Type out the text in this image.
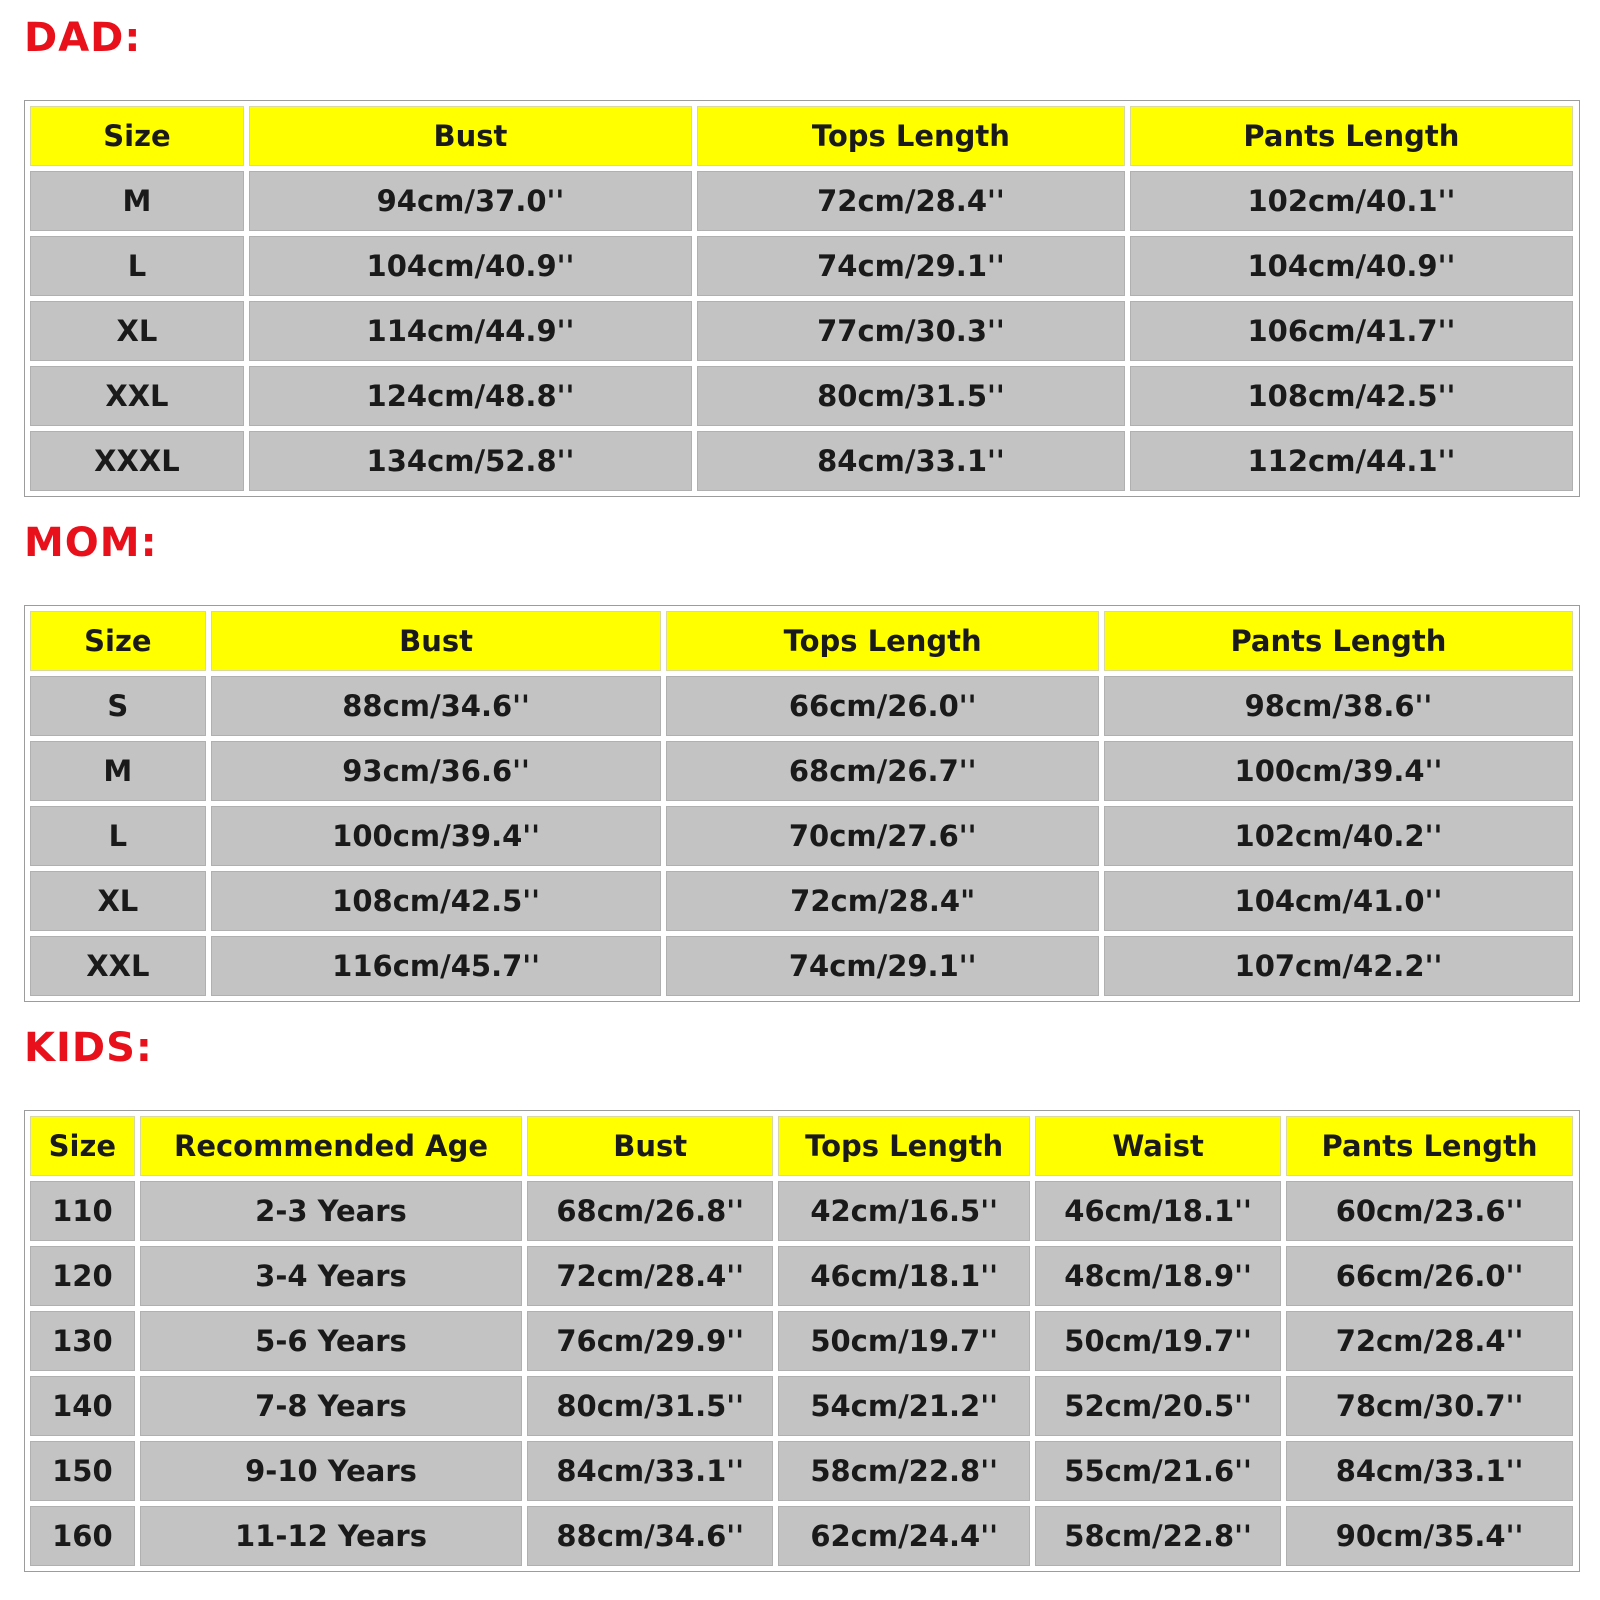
DAD:
Size	Bust	Tops Length	Pants Length
M	94cm/37.0''	72cm/28.4''	102cm/40.1''
L	104cm/40.9''	74cm/29.1''	104cm/40.9''
XL	114cm/44.9''	77cm/30.3''	106cm/41.7''
XXL	124cm/48.8''	80cm/31.5''	108cm/42.5''
XXXL	134cm/52.8''	84cm/33.1''	112cm/44.1''
MOM:
Size	Bust	Tops Length	Pants Length
S	88cm/34.6''	66cm/26.0''	98cm/38.6''
M	93cm/36.6''	68cm/26.7''	100cm/39.4''
L	100cm/39.4''	70cm/27.6''	102cm/40.2''
XL	108cm/42.5''	72cm/28.4"	104cm/41.0''
XXL	116cm/45.7''	74cm/29.1''	107cm/42.2''
KIDS:
Size	Recommended Age	Bust	Tops Length	Waist	Pants Length
110	2-3 Years	68cm/26.8''	42cm/16.5''	46cm/18.1''	60cm/23.6''
120	3-4 Years	72cm/28.4''	46cm/18.1''	48cm/18.9''	66cm/26.0''
130	5-6 Years	76cm/29.9''	50cm/19.7''	50cm/19.7''	72cm/28.4''
140	7-8 Years	80cm/31.5''	54cm/21.2''	52cm/20.5''	78cm/30.7''
150	9-10 Years	84cm/33.1''	58cm/22.8''	55cm/21.6''	84cm/33.1''
160	11-12 Years	88cm/34.6''	62cm/24.4''	58cm/22.8''	90cm/35.4''
